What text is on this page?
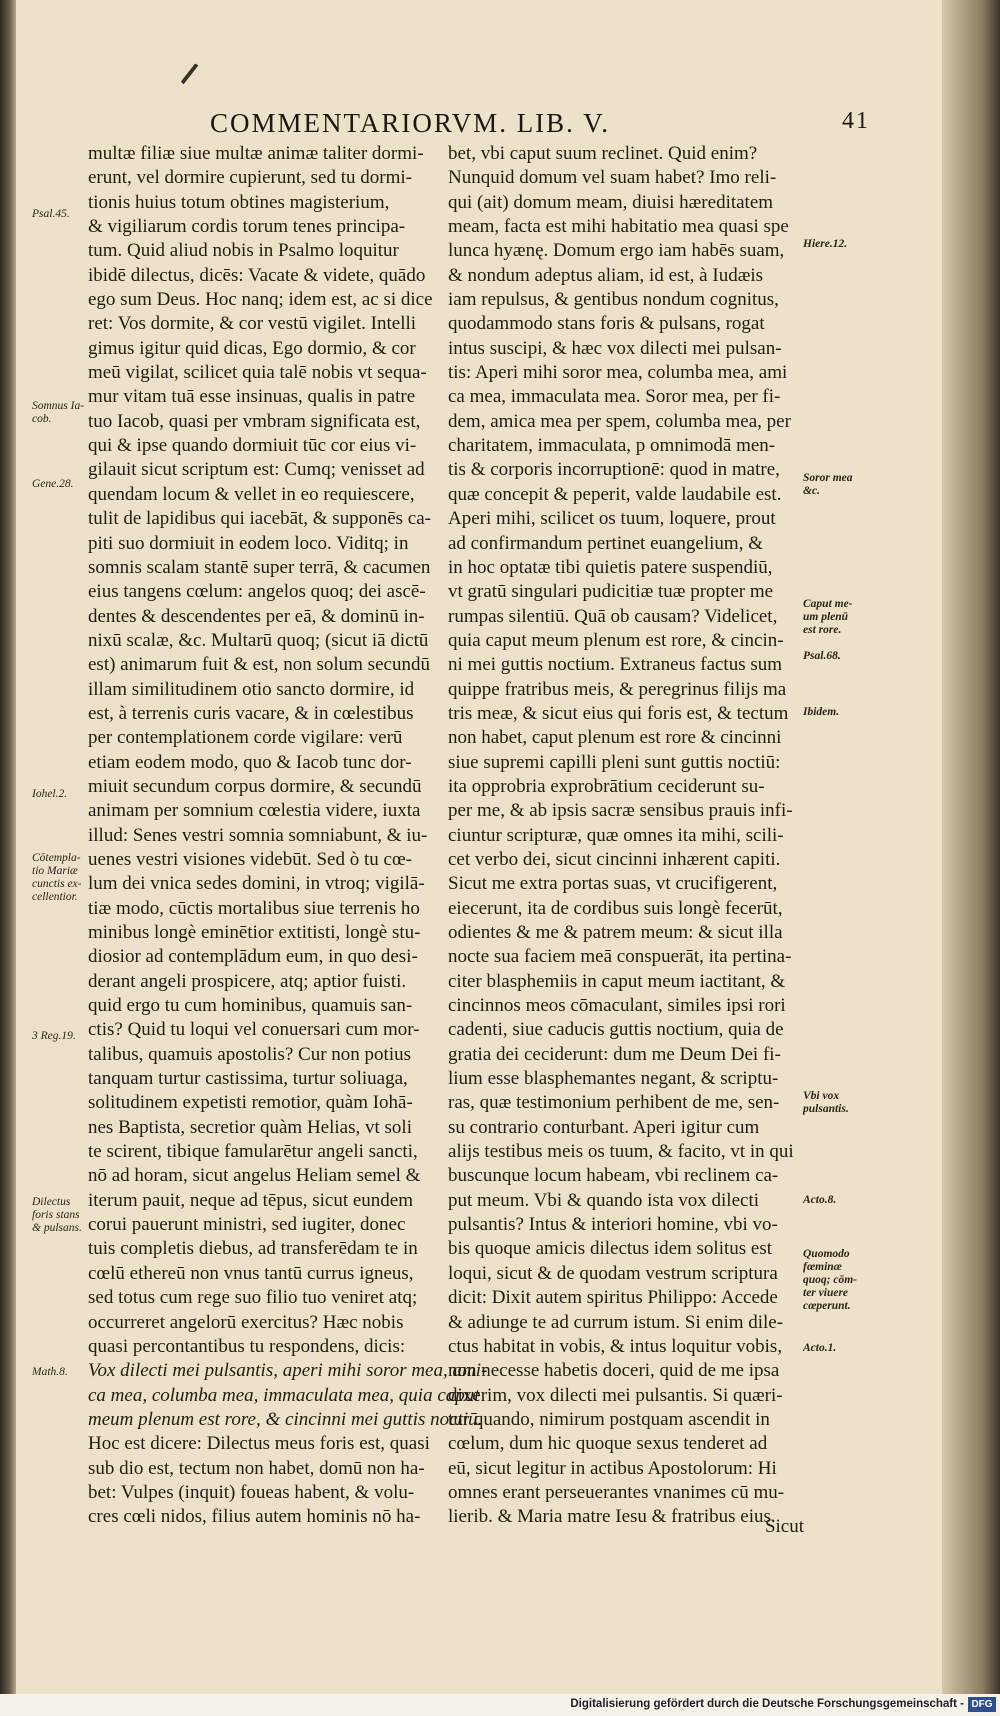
COMMENTARIORVM. LIB. V.	41
multæ filiæ siue multæ animæ taliter dormi-
erunt, vel dormire cupierunt, sed tu dormi-
tionis huius totum obtines magisterium,
& vigiliarum cordis torum tenes principa-
tum. Quid aliud nobis in Psalmo loquitur
ibidē dilectus, dicēs: Vacate & videte, quādo
ego sum Deus. Hoc nanq; idem est, ac si dice
ret: Vos dormite, & cor vestū vigilet. Intelli
gimus igitur quid dicas, Ego dormio, & cor
meū vigilat, scilicet quia talē nobis vt sequa-
mur vitam tuā esse insinuas, qualis in patre
tuo Iacob, quasi per vmbram significata est,
qui & ipse quando dormiuit tūc cor eius vi-
gilauit sicut scriptum est: Cumq; venisset ad
quendam locum & vellet in eo requiescere,
tulit de lapidibus qui iacebāt, & supponēs ca-
piti suo dormiuit in eodem loco. Viditq; in
somnis scalam stantē super terrā, & cacumen
eius tangens cœlum: angelos quoq; dei ascē-
dentes & descendentes per eā, & dominū in-
nixū scalæ, &c. Multarū quoq; (sicut iā dictū
est) animarum fuit & est, non solum secundū
illam similitudinem otio sancto dormire, id
est, à terrenis curis vacare, & in cœlestibus
per contemplationem corde vigilare: verū
etiam eodem modo, quo & Iacob tunc dor-
miuit secundum corpus dormire, & secundū
animam per somnium cœlestia videre, iuxta
illud: Senes vestri somnia somniabunt, & iu-
uenes vestri visiones videbūt. Sed ò tu cœ-
lum dei vnica sedes domini, in vtroq; vigilā-
tiæ modo, cūctis mortalibus siue terrenis ho
minibus longè eminētior extitisti, longè stu-
diosior ad contemplādum eum, in quo desi-
derant angeli prospicere, atq; aptior fuisti.
quid ergo tu cum hominibus, quamuis san-
ctis? Quid tu loqui vel conuersari cum mor-
talibus, quamuis apostolis? Cur non potius
tanquam turtur castissima, turtur soliuaga,
solitudinem expetisti remotior, quàm Iohā-
nes Baptista, secretior quàm Helias, vt soli
te scirent, tibique famularētur angeli sancti,
nō ad horam, sicut angelus Heliam semel &
iterum pauit, neque ad tēpus, sicut eundem
corui pauerunt ministri, sed iugiter, donec
tuis completis diebus, ad transferēdam te in
cœlū ethereū non vnus tantū currus igneus,
sed totus cum rege suo filio tuo veniret atq;
occurreret angelorū exercitus? Hæc nobis
quasi percontantibus tu respondens, dicis:
Vox dilecti mei pulsantis, aperi mihi soror mea, ami-
ca mea, columba mea, immaculata mea, quia caput
meum plenum est rore, & cincinni mei guttis noctiū.
Hoc est dicere: Dilectus meus foris est, quasi
sub dio est, tectum non habet, domū non ha-
bet: Vulpes (inquit) foueas habent, & volu-
cres cœli nidos, filius autem hominis nō ha-
bet, vbi caput suum reclinet. Quid enim?
Nunquid domum vel suam habet? Imo reli-
qui (ait) domum meam, diuisi hæreditatem
meam, facta est mihi habitatio mea quasi spe
lunca hyænę. Domum ergo iam habēs suam,
& nondum adeptus aliam, id est, à Iudæis
iam repulsus, & gentibus nondum cognitus,
quodammodo stans foris & pulsans, rogat
intus suscipi, & hæc vox dilecti mei pulsan-
tis: Aperi mihi soror mea, columba mea, ami
ca mea, immaculata mea. Soror mea, per fi-
dem, amica mea per spem, columba mea, per
charitatem, immaculata, p omnimodā men-
tis & corporis incorruptionē: quod in matre,
quæ concepit & peperit, valde laudabile est.
Aperi mihi, scilicet os tuum, loquere, prout
ad confirmandum pertinet euangelium, &
in hoc optatæ tibi quietis patere suspendiū,
vt gratū singulari pudicitiæ tuæ propter me
rumpas silentiū. Quā ob causam? Videlicet,
quia caput meum plenum est rore, & cincin-
ni mei guttis noctium. Extraneus factus sum
quippe fratribus meis, & peregrinus filijs ma
tris meæ, & sicut eius qui foris est, & tectum
non habet, caput plenum est rore & cincinni
siue supremi capilli pleni sunt guttis noctiū:
ita opprobria exprobrātium ceciderunt su-
per me, & ab ipsis sacræ sensibus prauis infi-
ciuntur scripturæ, quæ omnes ita mihi, scili-
cet verbo dei, sicut cincinni inhærent capiti.
Sicut me extra portas suas, vt crucifigerent,
eiecerunt, ita de cordibus suis longè fecerūt,
odientes & me & patrem meum: & sicut illa
nocte sua faciem meā conspuerāt, ita pertina-
citer blasphemiis in caput meum iactitant, &
cincinnos meos cōmaculant, similes ipsi rori
cadenti, siue caducis guttis noctium, quia de
gratia dei ceciderunt: dum me Deum Dei fi-
lium esse blasphemantes negant, & scriptu-
ras, quæ testimonium perhibent de me, sen-
su contrario conturbant. Aperi igitur cum
alijs testibus meis os tuum, & facito, vt in qui
buscunque locum habeam, vbi reclinem ca-
put meum. Vbi & quando ista vox dilecti
pulsantis? Intus & interiori homine, vbi vo-
bis quoque amicis dilectus idem solitus est
loqui, sicut & de quodam vestrum scriptura
dicit: Dixit autem spiritus Philippo: Accede
& adiunge te ad currum istum. Si enim dile-
ctus habitat in vobis, & intus loquitur vobis,
non necesse habetis doceri, quid de me ipsa
dixerim, vox dilecti mei pulsantis. Si quæri-
tur quando, nimirum postquam ascendit in
cœlum, dum hic quoque sexus tenderet ad
eū, sicut legitur in actibus Apostolorum: Hi
omnes erant perseuerantes vnanimes cū mu-
lierib. & Maria matre Iesu & fratribus eius.
Sicut
Psal.45.
Somnus Ia-
cob.
Gene.28.
Iohel.2.
Cōtempla-
tio Mariæ
cunctis ex-
cellentior.
3 Reg.19.
Dilectus
foris stans
& pulsans.
Math.8.
Hiere.12.
Soror mea
&c.
Caput me-
um plenū
est rore.
Psal.68.
Ibidem.
Vbi vox
pulsantis.
Acto.8.
Quomodo
fœminæ
quoq; cōm-
ter viuere
cœperunt.
Acto.1.
Digitalisierung gefördert durch die Deutsche Forschungsgemeinschaft - DFG
